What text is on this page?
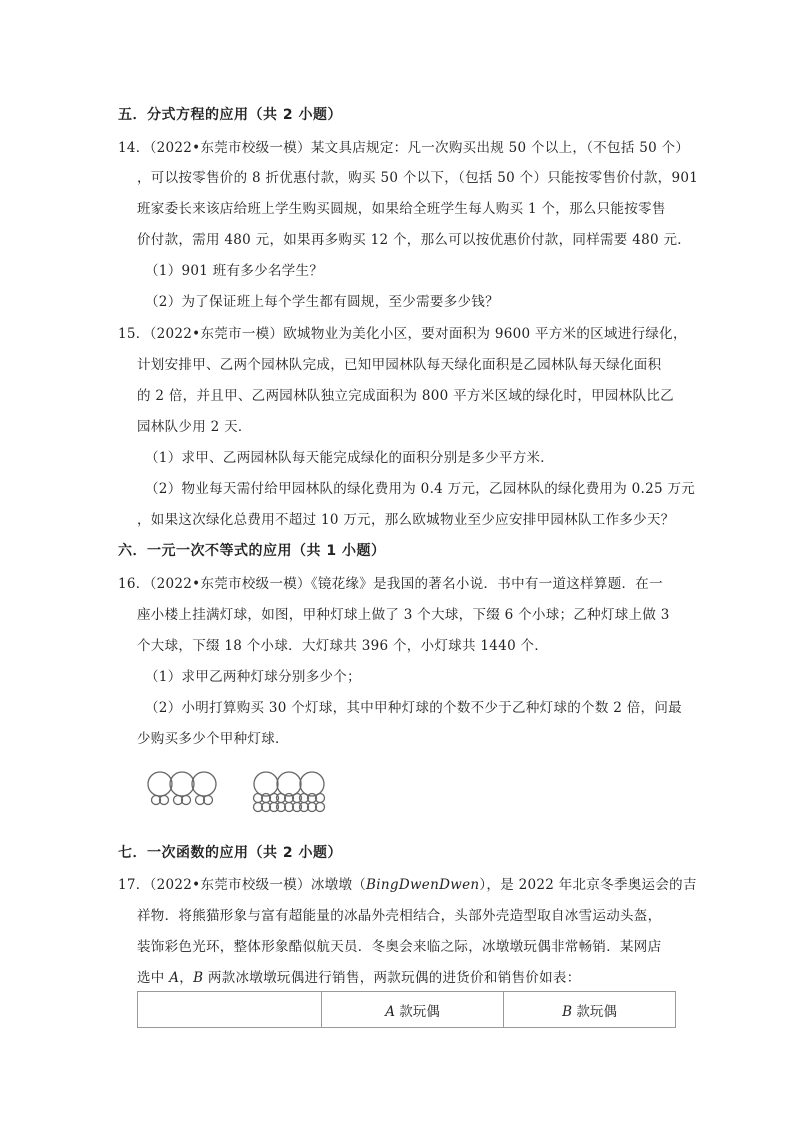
五．分式方程的应用（共 2 小题）
14．（2022•东莞市校级一模）某文具店规定：凡一次购买出规 50 个以上，（不包括 50 个）
，可以按零售价的 8 折优惠付款，购买 50 个以下，（包括 50 个）只能按零售价付款，901
班家委长来该店给班上学生购买圆规，如果给全班学生每人购买 1 个，那么只能按零售
价付款，需用 480 元，如果再多购买 12 个，那么可以按优惠价付款，同样需要 480 元．
（1）901 班有多少名学生？
（2）为了保证班上每个学生都有圆规，至少需要多少钱？
15．（2022•东莞市一模）欧城物业为美化小区，要对面积为 9600 平方米的区域进行绿化，
计划安排甲、乙两个园林队完成，已知甲园林队每天绿化面积是乙园林队每天绿化面积
的 2 倍，并且甲、乙两园林队独立完成面积为 800 平方米区域的绿化时，甲园林队比乙
园林队少用 2 天．
（1）求甲、乙两园林队每天能完成绿化的面积分别是多少平方米．
（2）物业每天需付给甲园林队的绿化费用为 0.4 万元，乙园林队的绿化费用为 0.25 万元
，如果这次绿化总费用不超过 10 万元，那么欧城物业至少应安排甲园林队工作多少天？
六．一元一次不等式的应用（共 1 小题）
16．（2022•东莞市校级一模）《镜花缘》是我国的著名小说．书中有一道这样算题．在一
座小楼上挂满灯球，如图，甲种灯球上做了 3 个大球，下缀 6 个小球；乙种灯球上做 3
个大球，下缀 18 个小球．大灯球共 396 个，小灯球共 1440 个．
（1）求甲乙两种灯球分别多少个；
（2）小明打算购买 30 个灯球，其中甲种灯球的个数不少于乙种灯球的个数 2 倍，问最
少购买多少个甲种灯球．
七．一次函数的应用（共 2 小题）
17．（2022•东莞市校级一模）冰墩墩（BingDwenDwen），是 2022 年北京冬季奥运会的吉
祥物．将熊猫形象与富有超能量的冰晶外壳相结合，头部外壳造型取自冰雪运动头盔，
装饰彩色光环，整体形象酷似航天员．冬奥会来临之际，冰墩墩玩偶非常畅销．某网店
选中 A，B 两款冰墩墩玩偶进行销售，两款玩偶的进货价和销售价如表：
	A 款玩偶	B 款玩偶
